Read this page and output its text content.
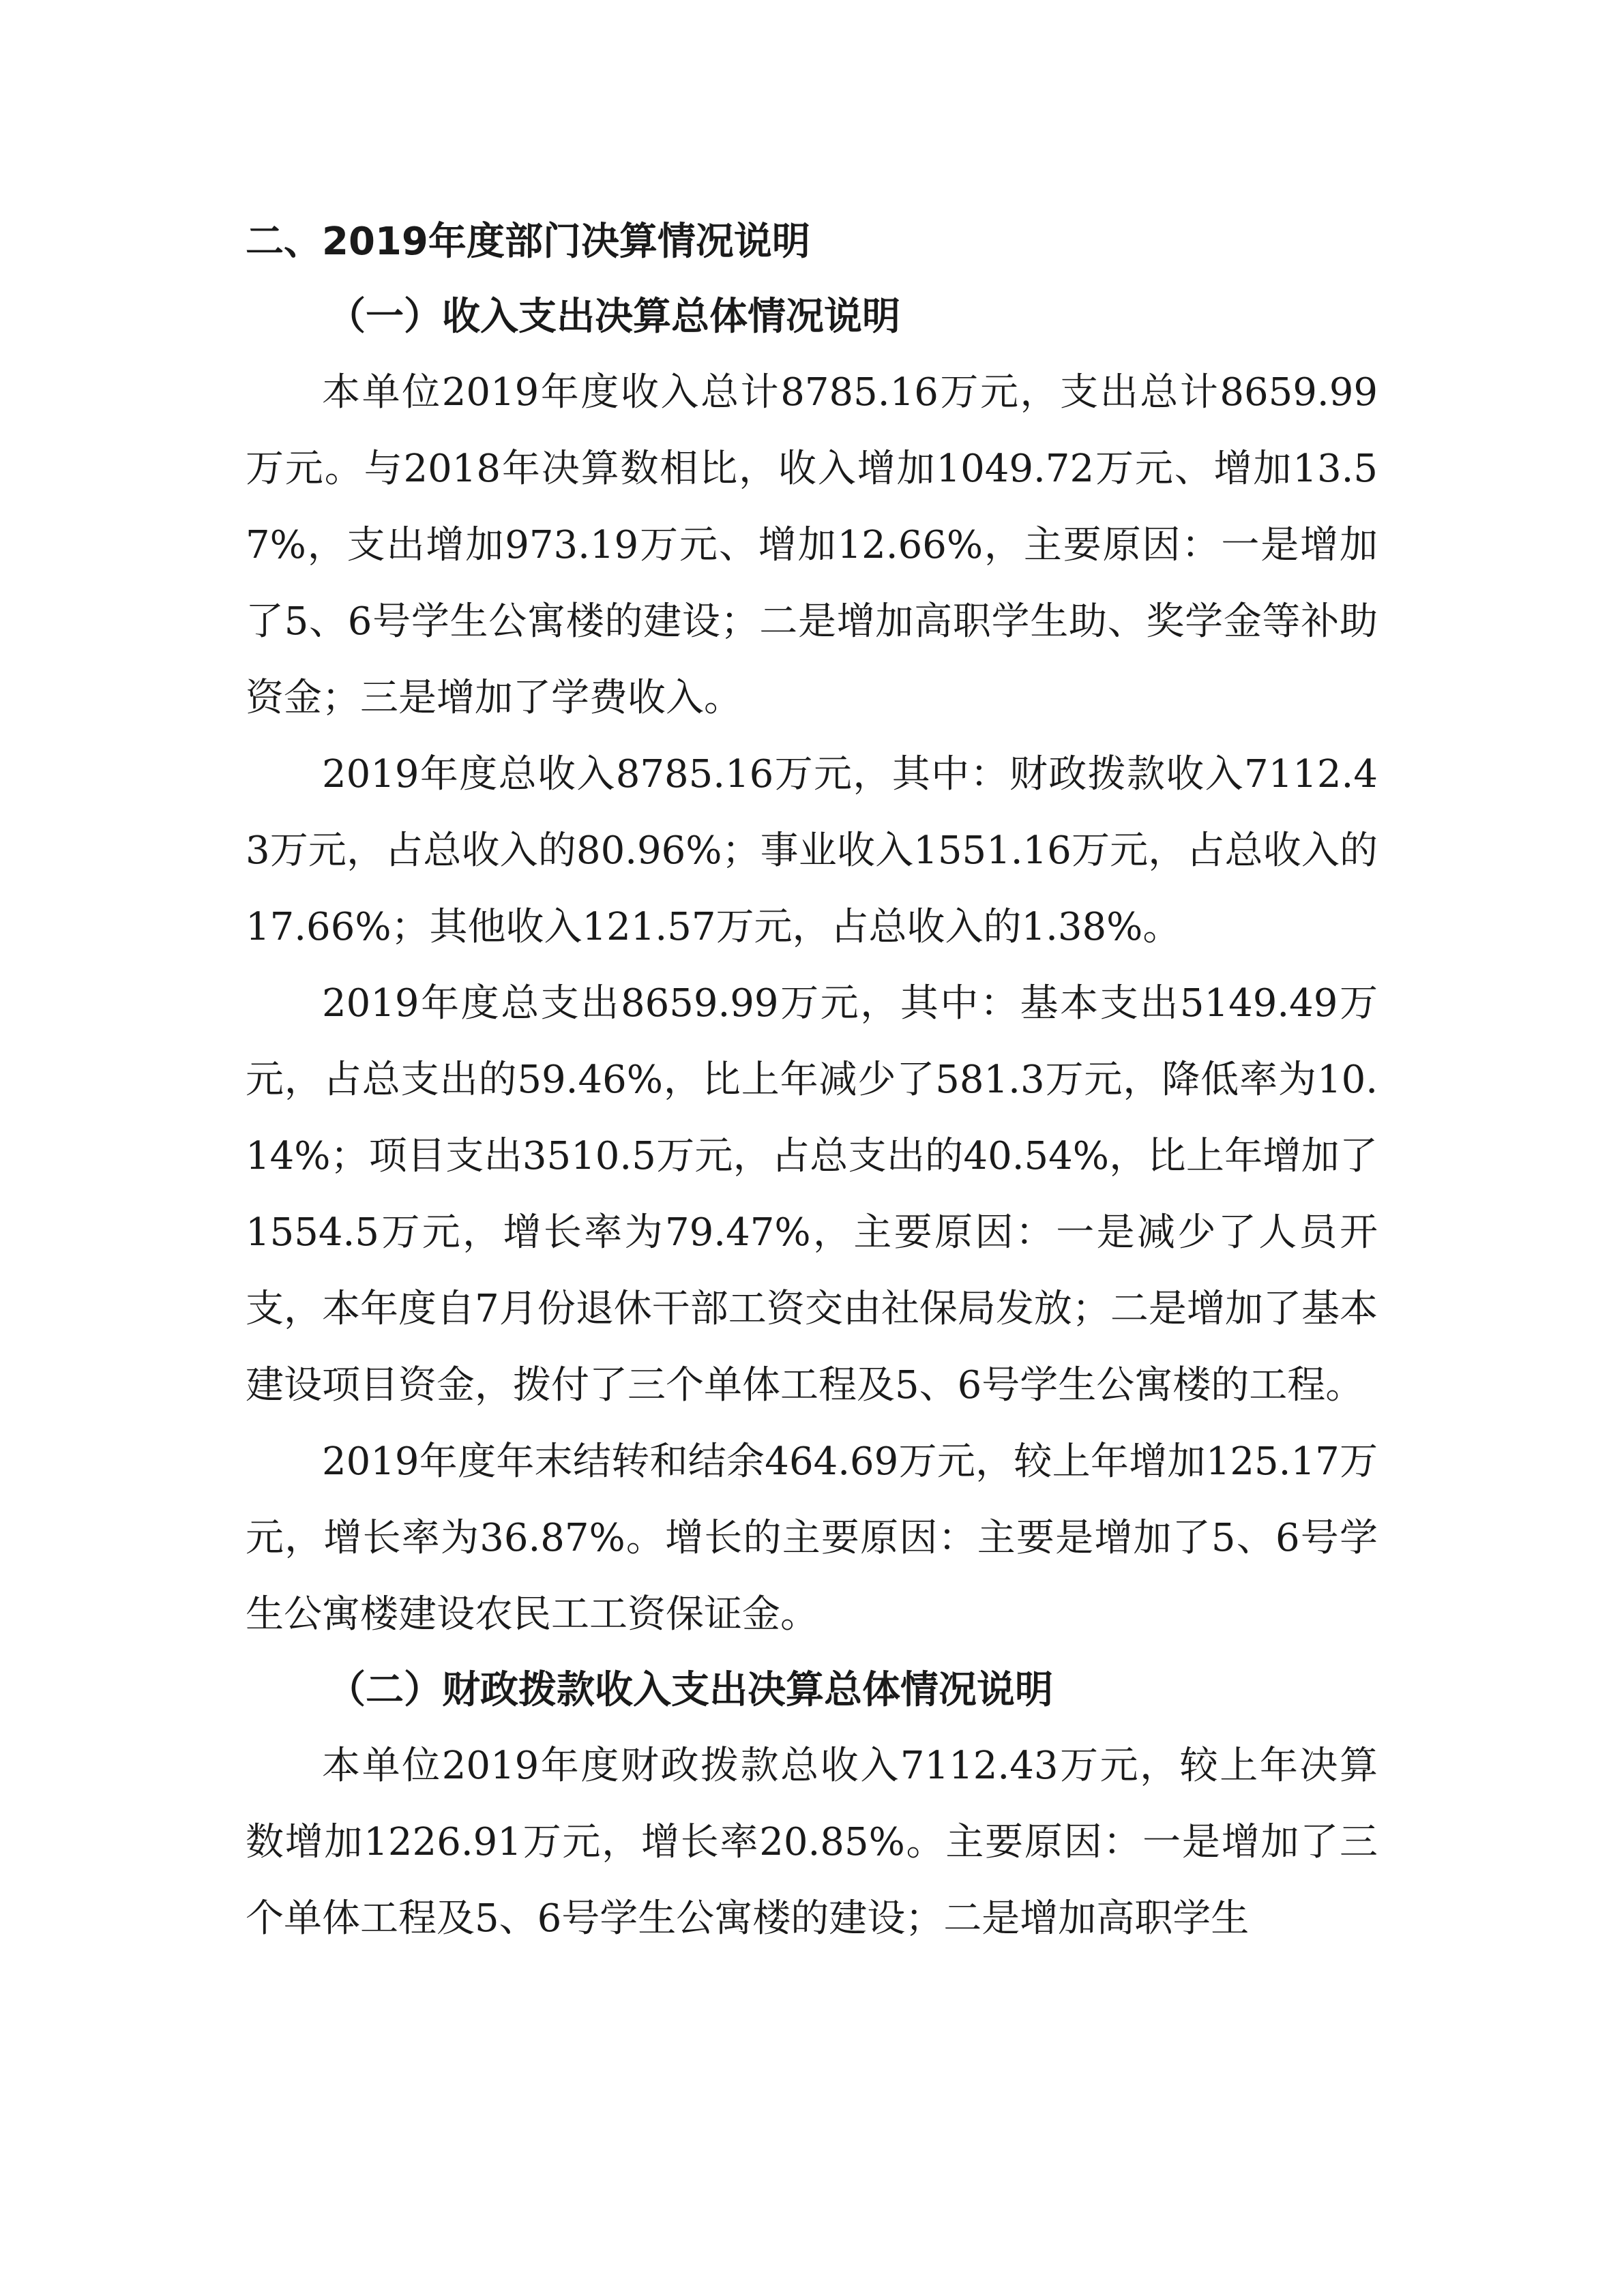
二、2019年度部门决算情况说明

（一）收入支出决算总体情况说明

本单位2019年度收入总计8785.16万元，支出总计8659.99万元。与2018年决算数相比，收入增加1049.72万元、增加13.57%，支出增加973.19万元、增加12.66%，主要原因：一是增加了5、6号学生公寓楼的建设；二是增加高职学生助、奖学金等补助资金；三是增加了学费收入。

2019年度总收入8785.16万元，其中：财政拨款收入7112.43万元，占总收入的80.96%；事业收入1551.16万元，占总收入的17.66%；其他收入121.57万元，占总收入的1.38%。

2019年度总支出8659.99万元，其中：基本支出5149.49万元，占总支出的59.46%，比上年减少了581.3万元，降低率为10.14%；项目支出3510.5万元，占总支出的40.54%，比上年增加了1554.5万元，增长率为79.47%，主要原因：一是减少了人员开支，本年度自7月份退休干部工资交由社保局发放；二是增加了基本建设项目资金，拨付了三个单体工程及5、6号学生公寓楼的工程。

2019年度年末结转和结余464.69万元，较上年增加125.17万元，增长率为36.87%。增长的主要原因：主要是增加了5、6号学生公寓楼建设农民工工资保证金。

（二）财政拨款收入支出决算总体情况说明

本单位2019年度财政拨款总收入7112.43万元，较上年决算数增加1226.91万元，增长率20.85%。主要原因：一是增加了三个单体工程及5、6号学生公寓楼的建设；二是增加高职学生
